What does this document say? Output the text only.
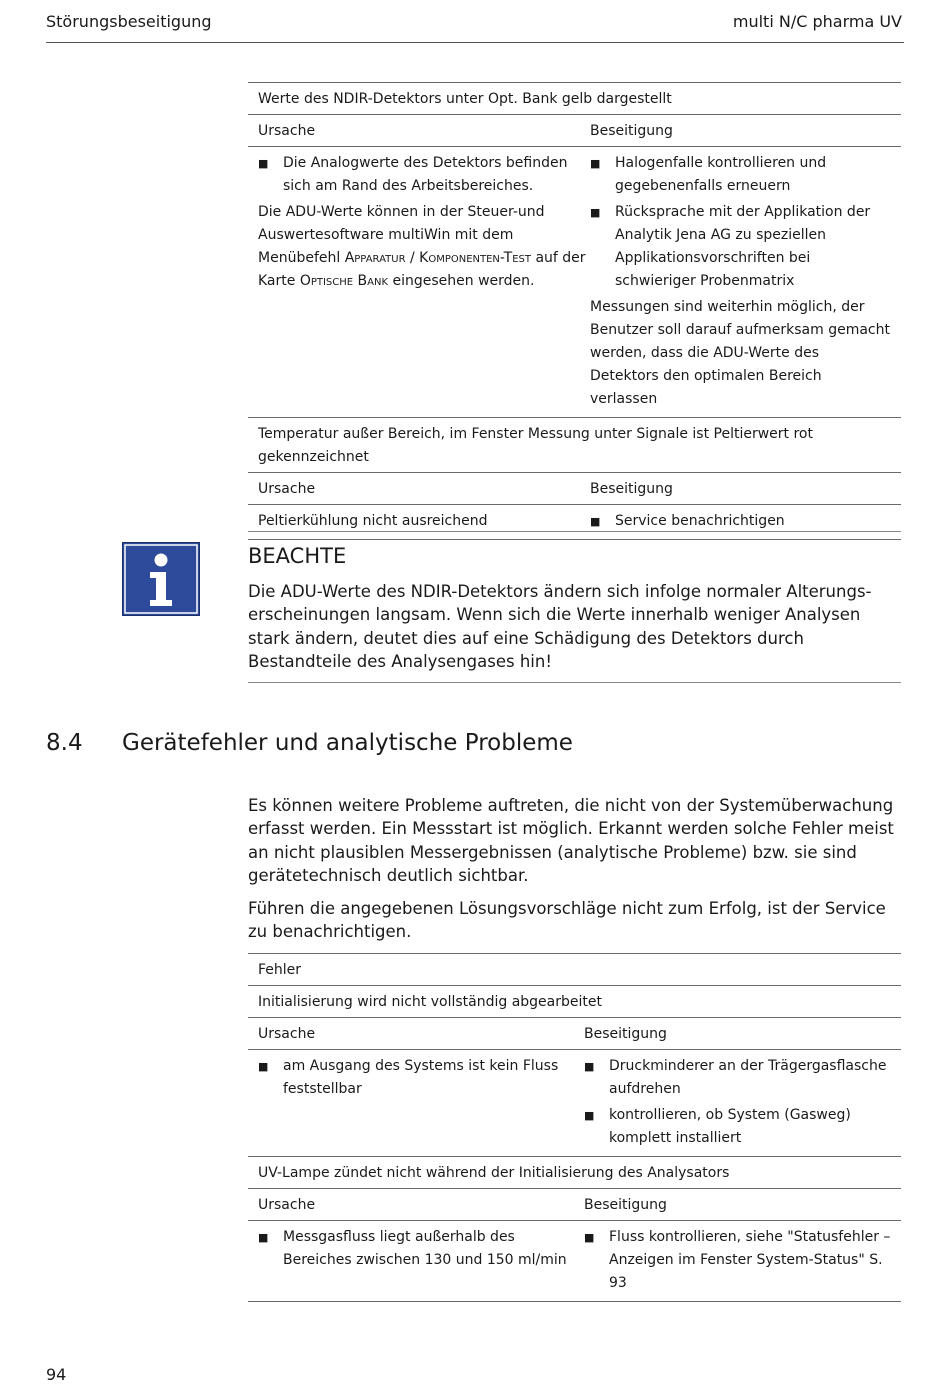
Störungsbeseitigung	multi N/C pharma UV
Werte des NDIR-Detektors unter Opt. Bank gelb dargestellt
Ursache	Beseitigung
■ Die Analogwerte des Detektors befinden sich am Rand des Arbeitsbereiches.
Die ADU-Werte können in der Steuer-und Auswertesoftware multiWin mit dem Menübefehl Apparatur / Komponenten-Test auf der Karte Optische Bank eingesehen werden.
■ Halogenfalle kontrollieren und gegebenenfalls erneuern
■ Rücksprache mit der Applikation der Analytik Jena AG zu speziellen Applikationsvorschriften bei schwieriger Probenmatrix
Messungen sind weiterhin möglich, der Benutzer soll darauf aufmerksam gemacht werden, dass die ADU-Werte des Detektors den optimalen Bereich verlassen
Temperatur außer Bereich, im Fenster Messung unter Signale ist Peltierwert rot gekennzeichnet
Ursache	Beseitigung
Peltierkühlung nicht ausreichend
■	Service benachrichtigen
BEACHTE
Die ADU-Werte des NDIR-Detektors ändern sich infolge normaler Alterungs-erscheinungen langsam. Wenn sich die Werte innerhalb weniger Analysen stark ändern, deutet dies auf eine Schädigung des Detektors durch Bestandteile des Analysengases hin!
8.4 Gerätefehler und analytische Probleme

Es können weitere Probleme auftreten, die nicht von der Systemüberwachung erfasst werden. Ein Messstart ist möglich. Erkannt werden solche Fehler meist an nicht plausiblen Messergebnissen (analytische Probleme) bzw. sie sind gerätetechnisch deutlich sichtbar.

Führen die angegebenen Lösungsvorschläge nicht zum Erfolg, ist der Service zu benachrichtigen.

Fehler
Initialisierung wird nicht vollständig abgearbeitet
Ursache	Beseitigung
■ am Ausgang des Systems ist kein Fluss feststellbar
■ Druckminderer an der Trägergasflasche aufdrehen
■ kontrollieren, ob System (Gasweg) komplett installiert
UV-Lampe zündet nicht während der Initialisierung des Analysators
Ursache	Beseitigung
■ Messgasfluss liegt außerhalb des Bereiches zwischen 130 und 150 ml/min
■ Fluss kontrollieren, siehe "Statusfehler – Anzeigen im Fenster System-Status" S. 93
94
